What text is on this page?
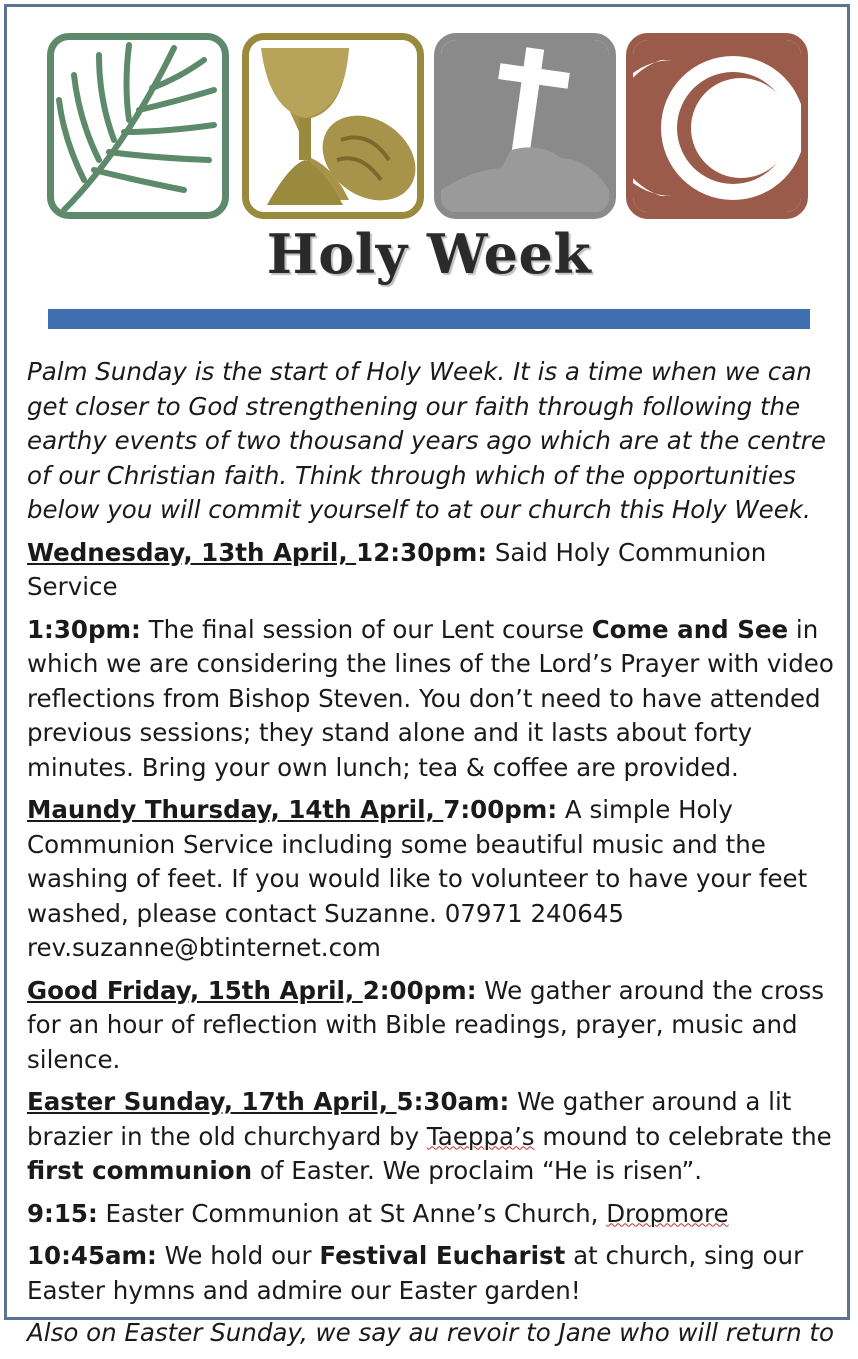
Holy Week

Palm Sunday is the start of Holy Week. It is a time when we can get closer to God strengthening our faith through following the earthy events of two thousand years ago which are at the centre of our Christian faith. Think through which of the opportunities below you will commit yourself to at our church this Holy Week.

Wednesday, 13th April, 12:30pm: Said Holy Communion Service

1:30pm: The final session of our Lent course Come and See in which we are considering the lines of the Lord’s Prayer with video reflections from Bishop Steven. You don’t need to have attended previous sessions; they stand alone and it lasts about forty minutes. Bring your own lunch; tea & coffee are provided.

Maundy Thursday, 14th April, 7:00pm: A simple Holy Communion Service including some beautiful music and the washing of feet. If you would like to volunteer to have your feet washed, please contact Suzanne. 07971 240645
rev.suzanne@btinternet.com

Good Friday, 15th April, 2:00pm: We gather around the cross for an hour of reflection with Bible readings, prayer, music and silence.

Easter Sunday, 17th April, 5:30am: We gather around a lit brazier in the old churchyard by Taeppa’s mound to celebrate the first communion of Easter. We proclaim “He is risen”.

9:15: Easter Communion at St Anne’s Church, Dropmore

10:45am: We hold our Festival Eucharist at church, sing our Easter hymns and admire our Easter garden!

Also on Easter Sunday, we say au revoir to Jane who will return to
